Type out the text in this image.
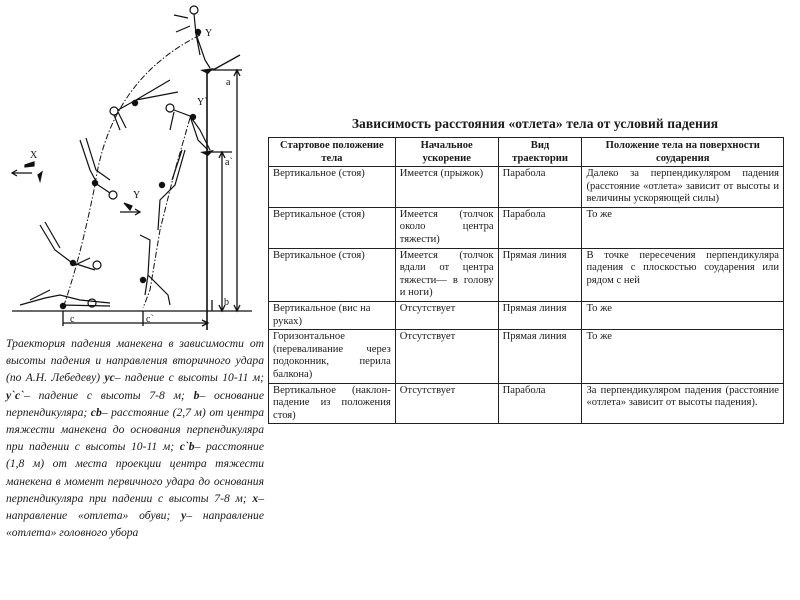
Y
Y`
Y
X
a
a`
b
c	c`
Траектория падения манекена в зависимости от высоты падения и направления вторичного удара (по А.Н. Лебедеву) yc– падение с высоты 10-11 м; y`c`– падение с высоты 7-8 м; b– основание перпендикуляра; cb– расстояние (2,7 м) от центра тяжести манекена до основания перпендикуляра при падении с высоты 10-11 м; c`b– расстояние (1,8 м) от места проекции центра тяжести манекена в момент первичного удара до основания перпендикуляра при падении с высоты 7-8 м; x– направление «отлета» обуви; y– направление «отлета» головного убора
Зависимость расстояния «отлета» тела от условий падения
Стартовое положение тела	Начальное ускорение	Вид траектории	Положение тела на поверхности соударения
Вертикальное (стоя)	Имеется (прыжок)	Парабола	Далеко за перпендикуляром падения (расстояние «отлета» зависит от высоты и величины ускоряющей силы)
Вертикальное (стоя)	Имеется (толчок около центра тяжести)	Парабола	То же
Вертикальное (стоя)	Имеется (толчок вдали от центра тяжести— в голову и ноги)	Прямая линия	В точке пересечения перпендикуляра падения с плоскостью соударения или рядом с ней
Вертикальное (вис на руках)	Отсутствует	Прямая линия	То же
Горизонтальное (переваливание через подоконник, перила балкона)	Отсутствует	Прямая линия	То же
Вертикальное (наклон-падение из положения стоя)	Отсутствует	Парабола	За перпендикуляром падения (расстояние «отлета» зависит от высоты падения).
